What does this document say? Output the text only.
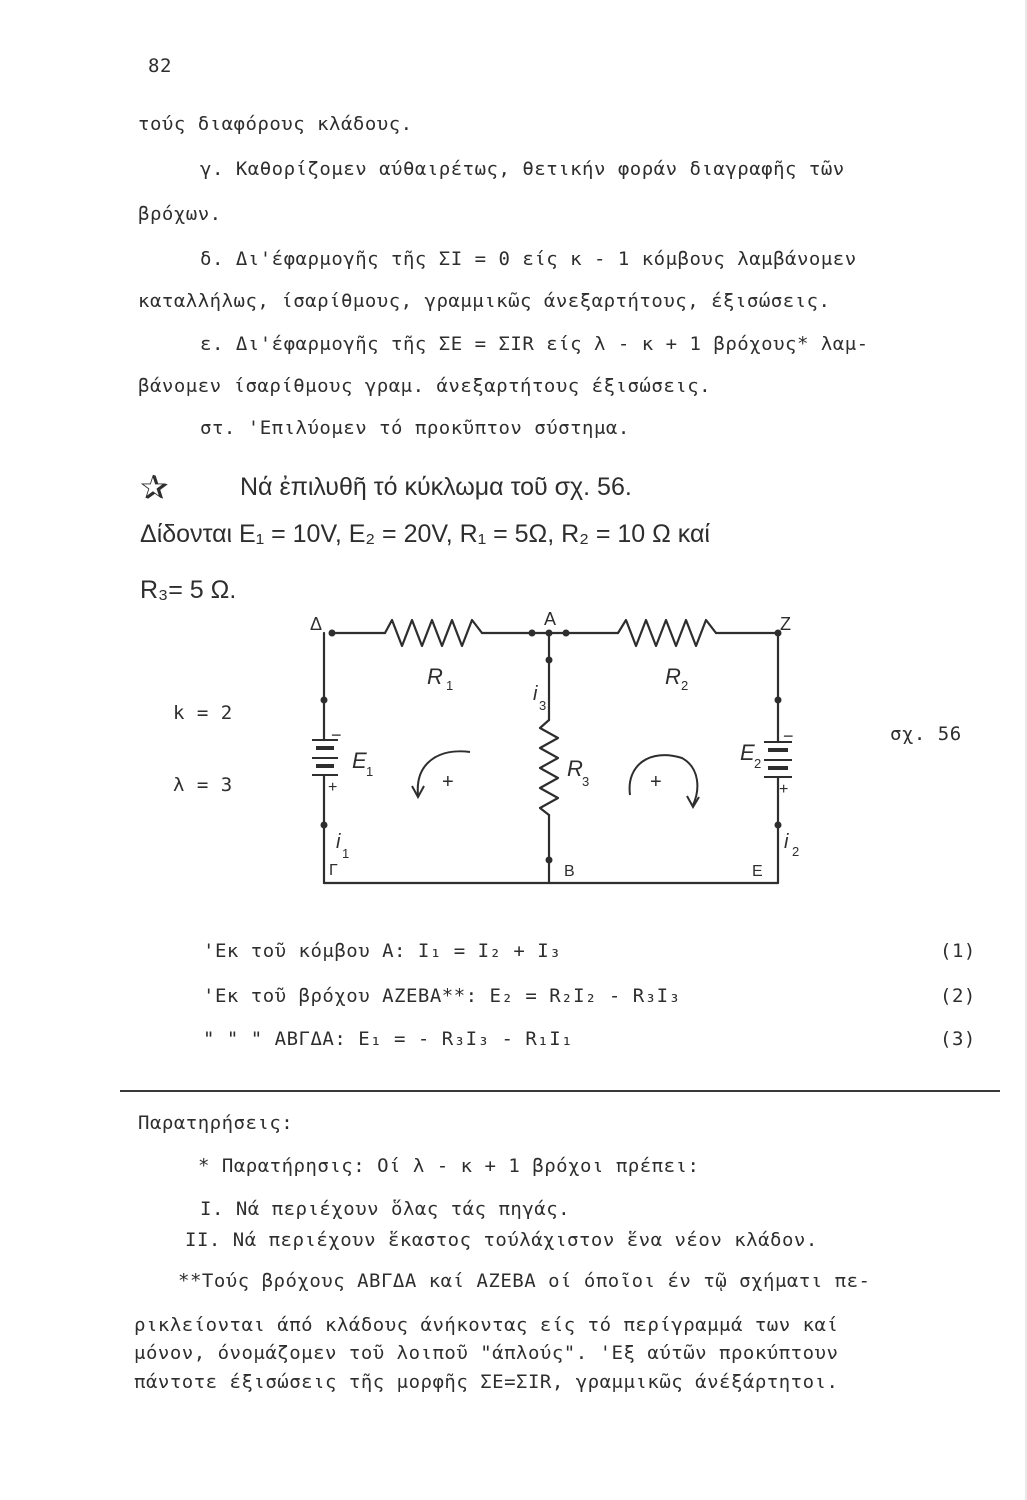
82
τούς διαφόρους κλάδους.
γ. Καθορίζομεν αύθαιρέτως, θετικήν φοράν διαγραφῆς τῶν
βρόχων.
δ. Δι'έφαρμογῆς τῆς ΣΙ = 0 είς κ - 1 κόμβους λαμβάνομεν
καταλλήλως, ίσαρίθμους, γραμμικῶς άνεξαρτήτους, έξισώσεις.
ε. Δι'έφαρμογῆς τῆς ΣΕ = ΣΙR είς λ - κ + 1 βρόχους* λαμ-
βάνομεν ίσαρίθμους γραμ. άνεξαρτήτους έξισώσεις.
στ. 'Επιλύομεν τό προκῦπτον σύστημα.
✰	Νά ἐπιλυθῆ τό κύκλωμα τοῦ σχ. 56.
Δίδονται E₁ = 10V, E₂ = 20V, R₁ = 5Ω, R₂ = 10 Ω καί
R₃= 5 Ω.
k = 2
λ = 3
σχ. 56
Δ	A	Z
Γ	B	E
R 1	R 2
R
3
E 1
E 2
i
1
i 2
i
3
+	+
+	+
−	−
'Εκ τοῦ κόμβου A: I₁ = I₂ + I₃	(1)
'Εκ τοῦ βρόχου AZEBA**: E₂ = R₂I₂ - R₃I₃	(2)
" " " ΑΒΓΔΑ: E₁ = - R₃I₃ - R₁I₁	(3)
Παρατηρήσεις:
* Παρατήρησις: Οί λ - κ + 1 βρόχοι πρέπει:
Ι. Νά περιέχουν ὅλας τάς πηγάς.
ΙΙ. Νά περιέχουν ἕκαστος τούλάχιστον ἕνα νέον κλάδον.
**Τούς βρόχους ΑΒΓΔΑ καί ΑΖΕΒΑ οί όποῖοι έν τῷ σχήματι πε-
ρικλείονται άπό κλάδους άνήκοντας είς τό περίγραμμά των καί
μόνον, όνομάζομεν τοῦ λοιποῦ "άπλούς". 'Εξ αύτῶν προκύπτουν
πάντοτε έξισώσεις τῆς μορφῆς ΣΕ=ΣΙR, γραμμικῶς άνέξάρτητοι.
